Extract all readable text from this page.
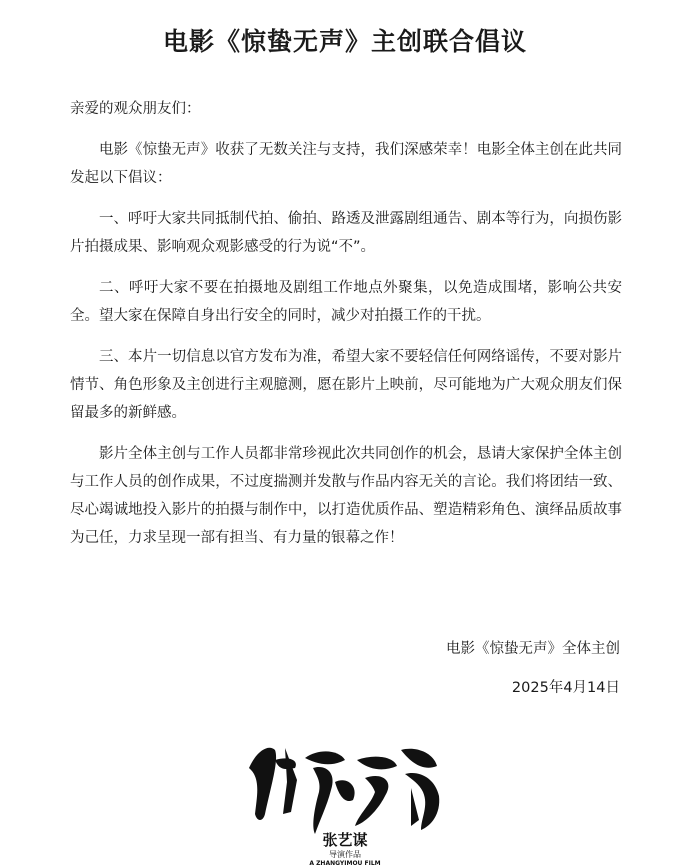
电影《惊蛰无声》主创联合倡议

亲爱的观众朋友们：

电影《惊蛰无声》收获了无数关注与支持，我们深感荣幸！电影全体主创在此共同发起以下倡议：

一、呼吁大家共同抵制代拍、偷拍、路透及泄露剧组通告、剧本等行为，向损伤影片拍摄成果、影响观众观影感受的行为说“不”。

二、呼吁大家不要在拍摄地及剧组工作地点外聚集，以免造成围堵，影响公共安全。望大家在保障自身出行安全的同时，减少对拍摄工作的干扰。

三、本片一切信息以官方发布为准，希望大家不要轻信任何网络谣传，不要对影片情节、角色形象及主创进行主观臆测，愿在影片上映前，尽可能地为广大观众朋友们保留最多的新鲜感。

影片全体主创与工作人员都非常珍视此次共同创作的机会，恳请大家保护全体主创与工作人员的创作成果，不过度揣测并发散与作品内容无关的言论。我们将团结一致、尽心竭诚地投入影片的拍摄与制作中，以打造优质作品、塑造精彩角色、演绎品质故事为己任，力求呈现一部有担当、有力量的银幕之作！

电影《惊蛰无声》全体主创
2025年4月14日
张艺谋
导演作品
A ZHANGYIMOU FILM
